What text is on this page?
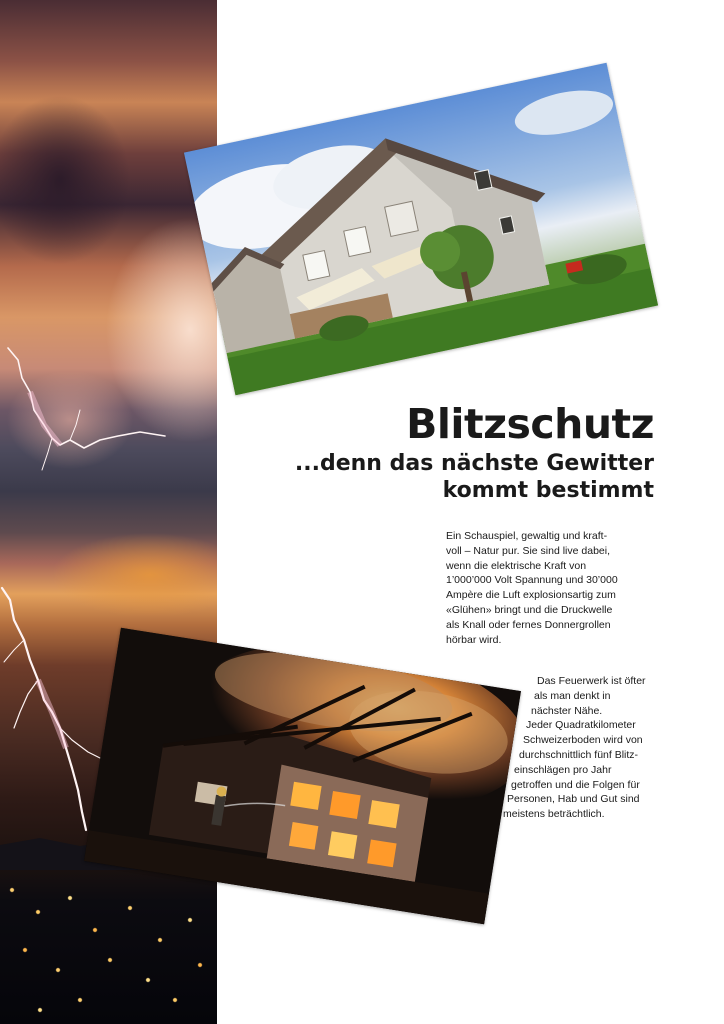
Blitzschutz
...denn das nächste Gewitter
kommt bestimmt
Ein Schauspiel, gewaltig und kraft-
voll – Natur pur. Sie sind live dabei,
wenn die elektrische Kraft von
1’000’000 Volt Spannung und 30’000
Ampère die Luft explosionsartig zum
«Glühen» bringt und die Druckwelle
als Knall oder fernes Donnergrollen
hörbar wird.
Das Feuerwerk ist öfter
als man denkt in
nächster Nähe.
Jeder Quadratkilometer
Schweizerboden wird von
durchschnittlich fünf Blitz-
einschlägen pro Jahr
getroffen und die Folgen für
Personen, Hab und Gut sind
meistens beträchtlich.
